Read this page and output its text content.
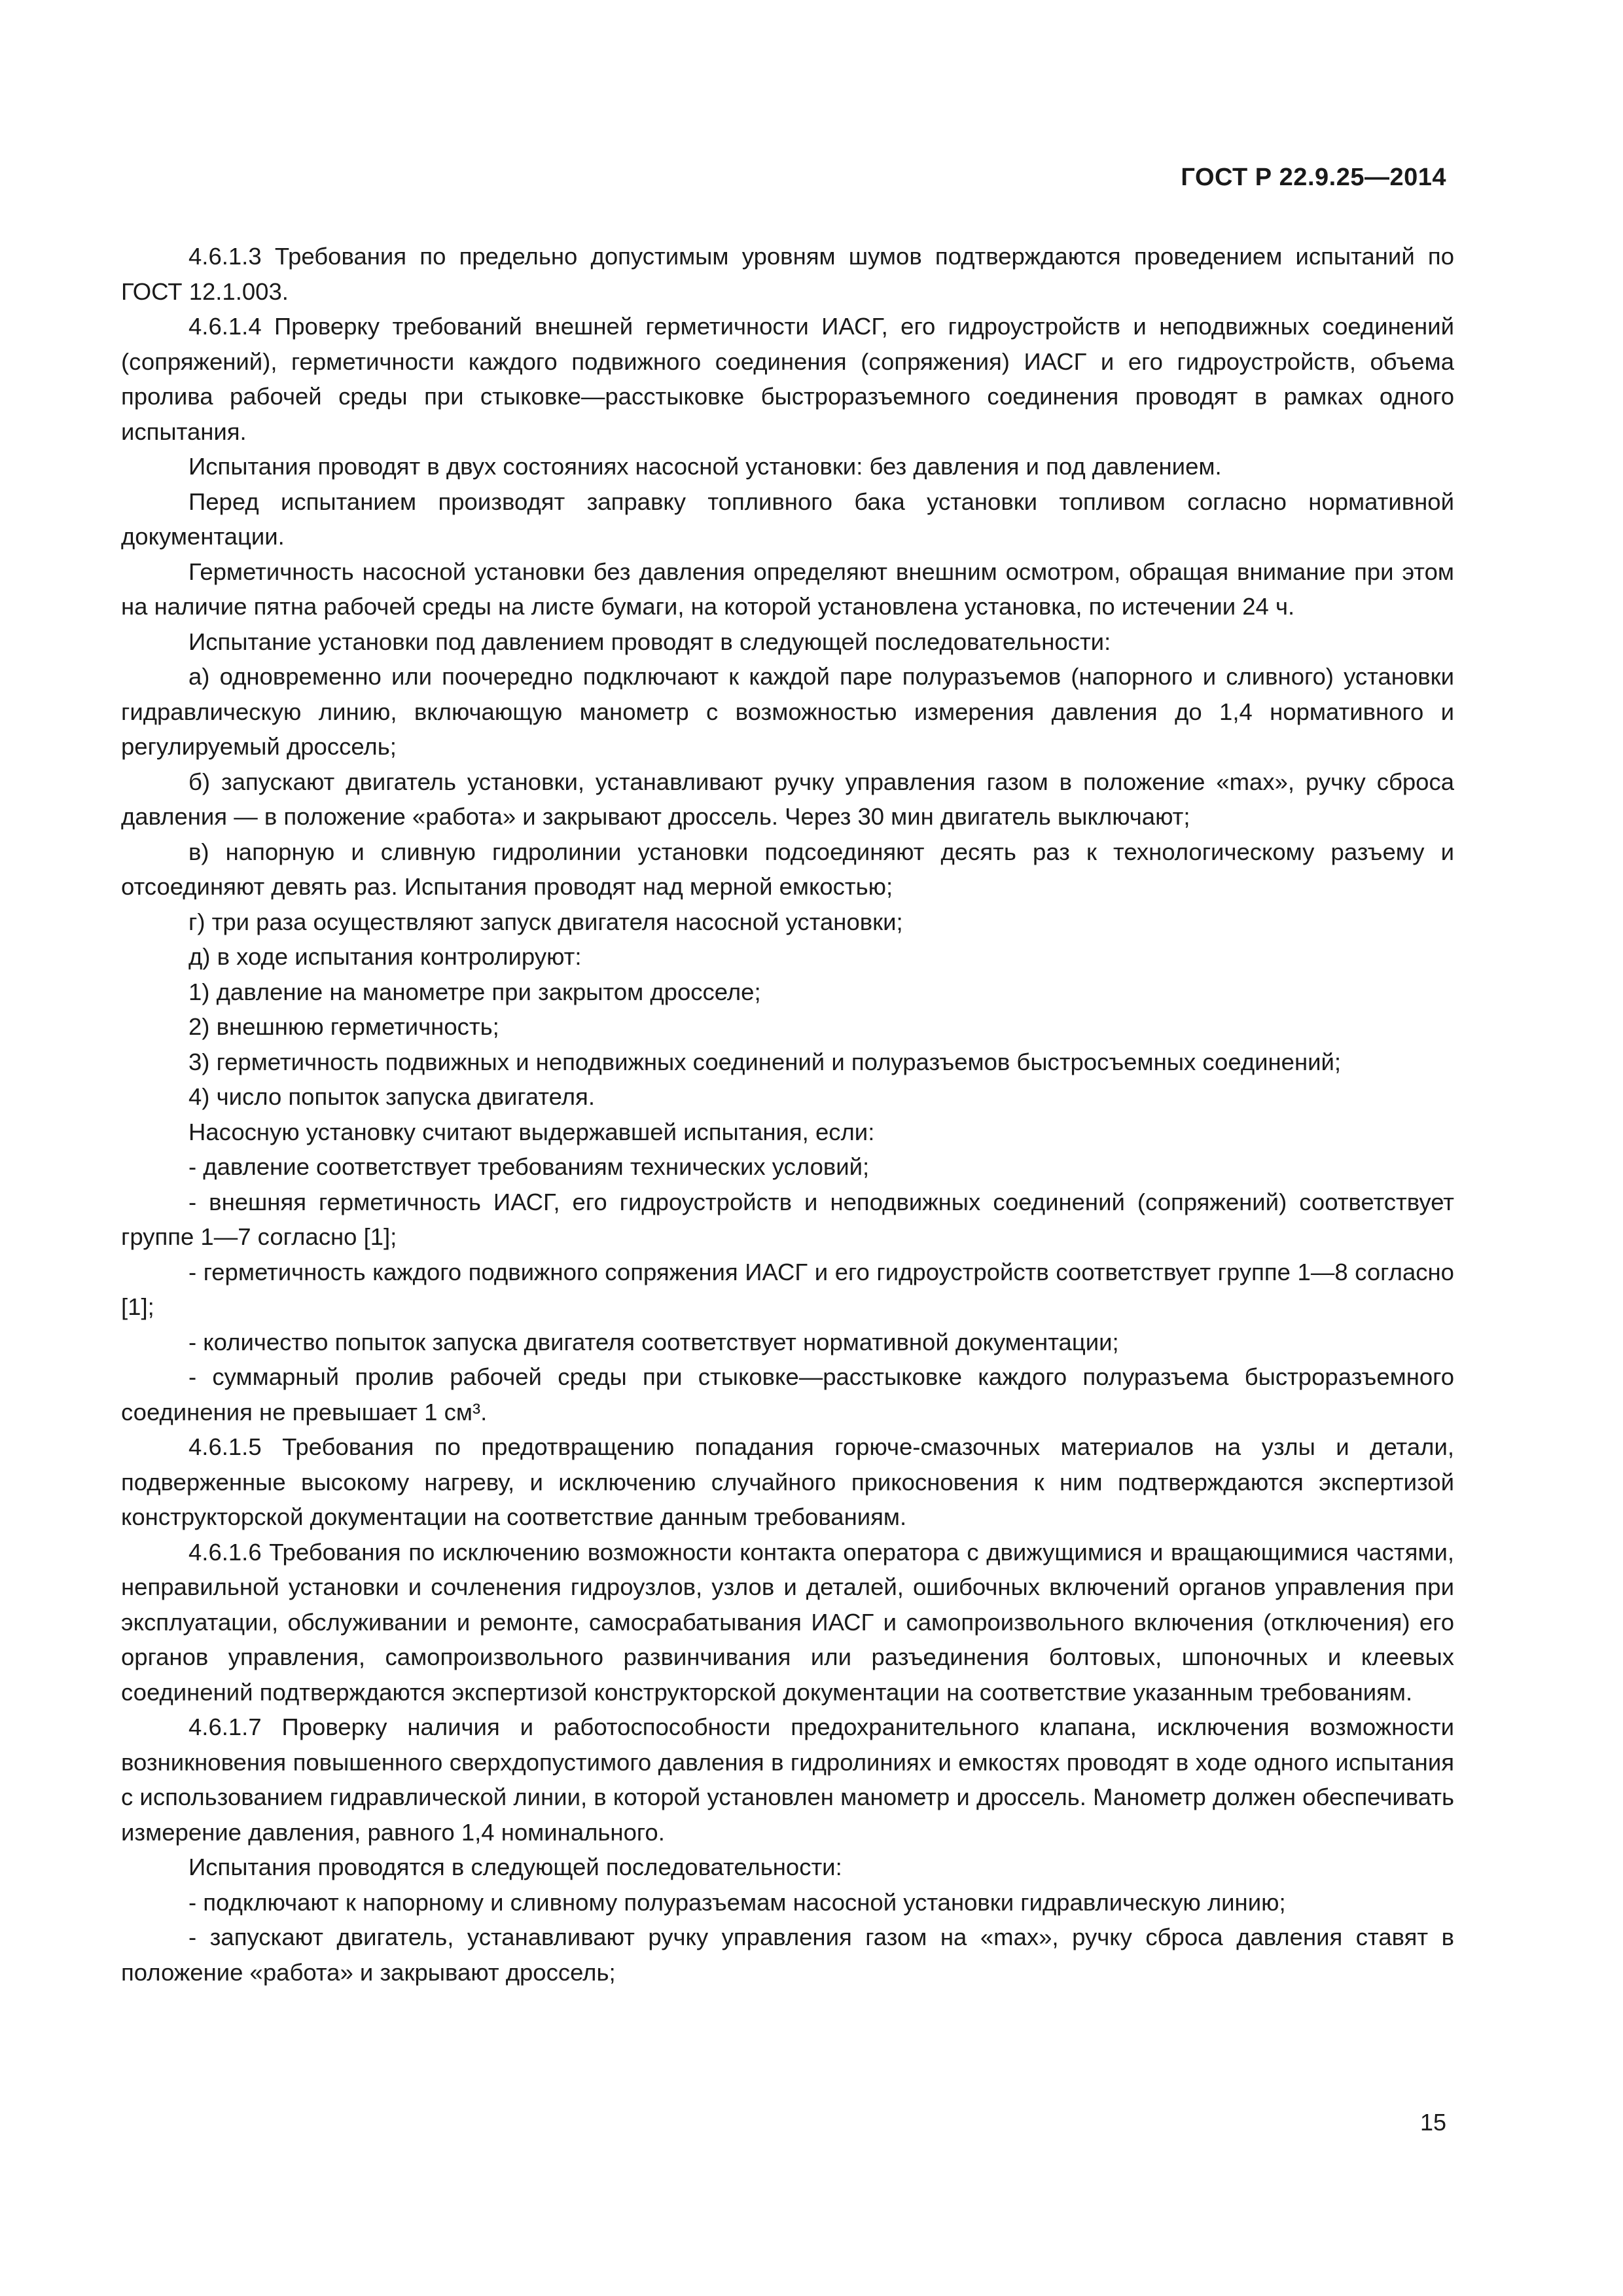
ГОСТ Р 22.9.25—2014

4.6.1.3 Требования по предельно допустимым уровням шумов подтверждаются проведением испытаний по ГОСТ 12.1.003.

4.6.1.4 Проверку требований внешней герметичности ИАСГ, его гидроустройств и неподвижных соединений (сопряжений), герметичности каждого подвижного соединения (сопряжения) ИАСГ и его гидроустройств, объема пролива рабочей среды при стыковке—расстыковке быстроразъемного соединения проводят в рамках одного испытания.

Испытания проводят в двух состояниях насосной установки: без давления и под давлением.

Перед испытанием производят заправку топливного бака установки топливом согласно нормативной документации.

Герметичность насосной установки без давления определяют внешним осмотром, обращая внимание при этом на наличие пятна рабочей среды на листе бумаги, на которой установлена установка, по истечении 24 ч.

Испытание установки под давлением проводят в следующей последовательности:

а) одновременно или поочередно подключают к каждой паре полуразъемов (напорного и сливного) установки гидравлическую линию, включающую манометр с возможностью измерения давления до 1,4 нормативного и регулируемый дроссель;

б) запускают двигатель установки, устанавливают ручку управления газом в положение «max», ручку сброса давления — в положение «работа» и закрывают дроссель. Через 30 мин двигатель выключают;

в) напорную и сливную гидролинии установки подсоединяют десять раз к технологическому разъему и отсоединяют девять раз. Испытания проводят над мерной емкостью;

г) три раза осуществляют запуск двигателя насосной установки;

д) в ходе испытания контролируют:

1) давление на манометре при закрытом дросселе;

2) внешнюю герметичность;

3) герметичность подвижных и неподвижных соединений и полуразъемов быстросъемных соединений;

4) число попыток запуска двигателя.

Насосную установку считают выдержавшей испытания, если:

- давление соответствует требованиям технических условий;

- внешняя герметичность ИАСГ, его гидроустройств и неподвижных соединений (сопряжений) соответствует группе 1—7 согласно [1];

- герметичность каждого подвижного сопряжения ИАСГ и его гидроустройств соответствует группе 1—8 согласно [1];

- количество попыток запуска двигателя соответствует нормативной документации;

- суммарный пролив рабочей среды при стыковке—расстыковке каждого полуразъема быстроразъемного соединения не превышает 1 см³.

4.6.1.5 Требования по предотвращению попадания горюче-смазочных материалов на узлы и детали, подверженные высокому нагреву, и исключению случайного прикосновения к ним подтверждаются экспертизой конструкторской документации на соответствие данным требованиям.

4.6.1.6 Требования по исключению возможности контакта оператора с движущимися и вращающимися частями, неправильной установки и сочленения гидроузлов, узлов и деталей, ошибочных включений органов управления при эксплуатации, обслуживании и ремонте, самосрабатывания ИАСГ и самопроизвольного включения (отключения) его органов управления, самопроизвольного развинчивания или разъединения болтовых, шпоночных и клеевых соединений подтверждаются экспертизой конструкторской документации на соответствие указанным требованиям.

4.6.1.7 Проверку наличия и работоспособности предохранительного клапана, исключения возможности возникновения повышенного сверхдопустимого давления в гидролиниях и емкостях проводят в ходе одного испытания с использованием гидравлической линии, в которой установлен манометр и дроссель. Манометр должен обеспечивать измерение давления, равного 1,4 номинального.

Испытания проводятся в следующей последовательности:

- подключают к напорному и сливному полуразъемам насосной установки гидравлическую линию;

- запускают двигатель, устанавливают ручку управления газом на «max», ручку сброса давления ставят в положение «работа» и закрывают дроссель;

15
